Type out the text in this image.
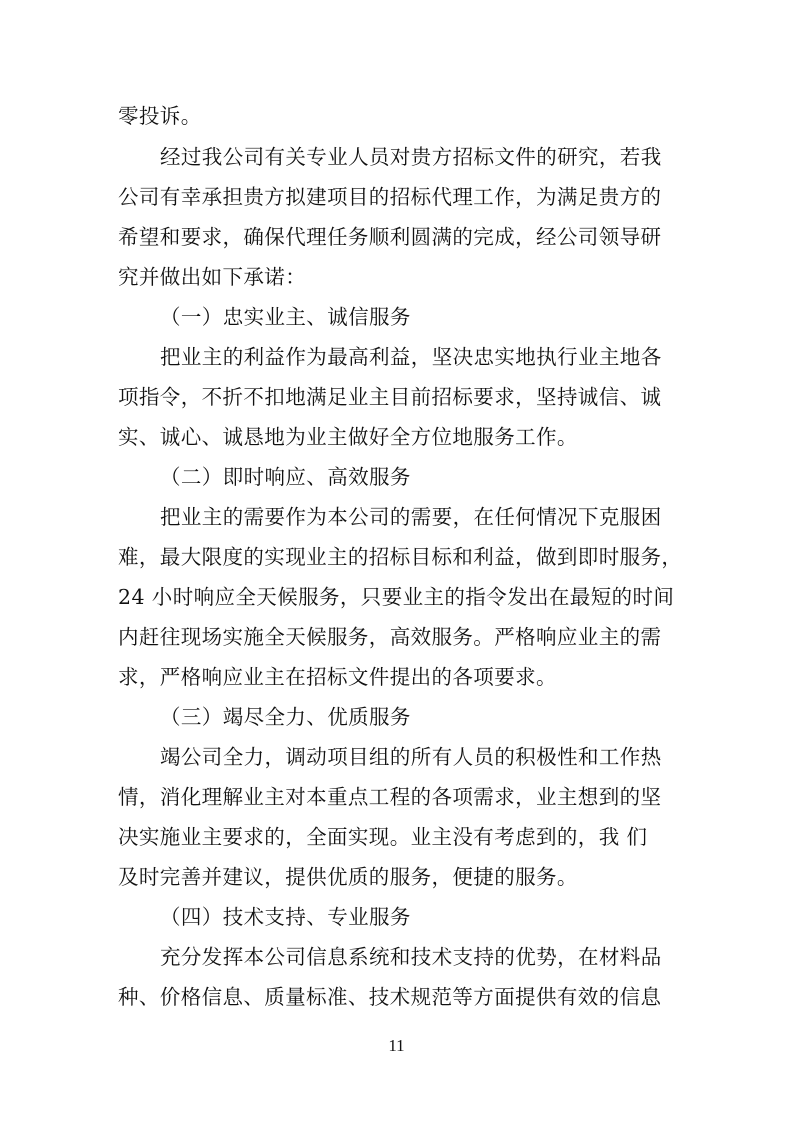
零投诉。
经过我公司有关专业人员对贵方招标文件的研究，若我
公司有幸承担贵方拟建项目的招标代理工作，为满足贵方的
希望和要求，确保代理任务顺利圆满的完成，经公司领导研
究并做出如下承诺：
（一）忠实业主、诚信服务
把业主的利益作为最高利益，坚决忠实地执行业主地各
项指令，不折不扣地满足业主目前招标要求，坚持诚信、诚
实、诚心、诚恳地为业主做好全方位地服务工作。
（二）即时响应、高效服务
把业主的需要作为本公司的需要，在任何情况下克服困
难，最大限度的实现业主的招标目标和利益，做到即时服务，
24 小时响应全天候服务，只要业主的指令发出在最短的时间
内赶往现场实施全天候服务，高效服务。严格响应业主的需
求，严格响应业主在招标文件提出的各项要求。
（三）竭尽全力、优质服务
竭公司全力，调动项目组的所有人员的积极性和工作热
情，消化理解业主对本重点工程的各项需求，业主想到的坚
决实施业主要求的，全面实现。业主没有考虑到的，我 们
及时完善并建议，提供优质的服务，便捷的服务。
（四）技术支持、专业服务
充分发挥本公司信息系统和技术支持的优势，在材料品
种、价格信息、质量标准、技术规范等方面提供有效的信息
11
